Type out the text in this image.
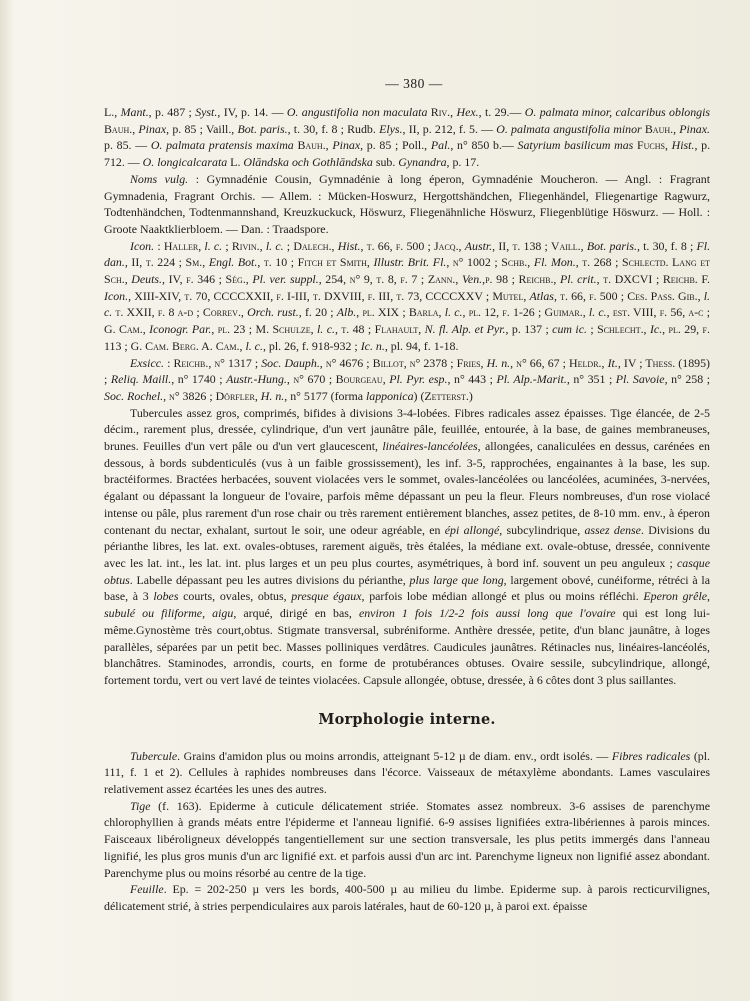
— 380 —

L., Mant., p. 487 ; Syst., IV, p. 14. — O. angustifolia non maculata Riv., Hex., t. 29.— O. palmata minor, calcaribus oblongis Bauh., Pinax, p. 85 ; Vaill., Bot. paris., t. 30, f. 8 ; Rudb. Elys., II, p. 212, f. 5. — O. palmata angustifolia minor Bauh., Pinax. p. 85. — O. palmata pratensis maxima Bauh., Pinax, p. 85 ; Poll., Pal., n° 850 b.— Satyrium basilicum mas Fuchs, Hist., p. 712. — O. longicalcarata L. Olāndska och Gothlāndska sub. Gynandra, p. 17.

Noms vulg. : Gymnadénie Cousin, Gymnadénie à long éperon, Gymnadénie Moucheron. — Angl. : Fragrant Gymnadenia, Fragrant Orchis. — Allem. : Mücken-Hoswurz, Hergottshändchen, Fliegenhändel, Fliegenartige Ragwurz, Todtenhändchen, Todtenmannshand, Kreuzkuckuck, Höswurz, Fliegenähnliche Höswurz, Fliegenblütige Höswurz. — Holl. : Groote Naaktklierbloem. — Dan. : Traadspore.

Icon. : Haller, l. c. ; Rivin., l. c. ; Dalech., Hist., t. 66, f. 500 ; Jacq., Austr., II, t. 138 ; Vaill., Bot. paris., t. 30, f. 8 ; Fl. dan., II, t. 224 ; Sm., Engl. Bot., t. 10 ; Fitch et Smith, Illustr. Brit. Fl., n° 1002 ; Schb., Fl. Mon., t. 268 ; Schlectd. Lang et Sch., Deuts., IV, f. 346 ; Ség., Pl. ver. suppl., 254, n° 9, t. 8, f. 7 ; Zann., Ven.,p. 98 ; Reichb., Pl. crit., t. DXCVI ; Reichb. F. Icon., XIII-XIV, t. 70, CCCCXXII, f. I-III, t. DXVIII, f. III, t. 73, CCCCXXV ; Mutel, Atlas, t. 66, f. 500 ; Ces. Pass. Gib., l. c. t. XXII, f. 8 a-d ; Correv., Orch. rust., f. 20 ; Alb., pl. XIX ; Barla, l. c., pl. 12, f. 1-26 ; Guimar., l. c., est. VIII, f. 56, a-c ; G. Cam., Iconogr. Par., pl. 23 ; M. Schulze, l. c., t. 48 ; Flahault, N. fl. Alp. et Pyr., p. 137 ; cum ic. ; Schlecht., Ic., pl. 29, f. 113 ; G. Cam. Berg. A. Cam., l. c., pl. 26, f. 918-932 ; Ic. n., pl. 94, f. 1-18.

Exsicc. : Reichb., n° 1317 ; Soc. Dauph., n° 4676 ; Billot, n° 2378 ; Fries, H. n., n° 66, 67 ; Heldr., It., IV ; Thess. (1895) ; Reliq. Maill., n° 1740 ; Austr.-Hung., n° 670 ; Bourgeau, Pl. Pyr. esp., n° 443 ; Pl. Alp.-Marit., n° 351 ; Pl. Savoie, n° 258 ; Soc. Rochel., n° 3826 ; Dörfler, H. n., n° 5177 (forma lapponica) (Zetterst.)

Tubercules assez gros, comprimés, bifides à divisions 3-4-lobées. Fibres radicales assez épaisses. Tige élancée, de 2-5 décim., rarement plus, dressée, cylindrique, d'un vert jaunâtre pâle, feuillée, entourée, à la base, de gaines membraneuses, brunes. Feuilles d'un vert pâle ou d'un vert glaucescent, linéaires-lancéolées, allongées, canaliculées en dessus, carénées en dessous, à bords subdenticulés (vus à un faible grossissement), les inf. 3-5, rapprochées, engainantes à la base, les sup. bractéiformes. Bractées herbacées, souvent violacées vers le sommet, ovales-lancéolées ou lancéolées, acuminées, 3-nervées, égalant ou dépassant la longueur de l'ovaire, parfois même dépassant un peu la fleur. Fleurs nombreuses, d'un rose violacé intense ou pâle, plus rarement d'un rose chair ou très rarement entièrement blanches, assez petites, de 8-10 mm. env., à éperon contenant du nectar, exhalant, surtout le soir, une odeur agréable, en épi allongé, subcylindrique, assez dense. Divisions du périanthe libres, les lat. ext. ovales-obtuses, rarement aiguës, très étalées, la médiane ext. ovale-obtuse, dressée, connivente avec les lat. int., les lat. int. plus larges et un peu plus courtes, asymétriques, à bord inf. souvent un peu anguleux ; casque obtus. Labelle dépassant peu les autres divisions du périanthe, plus large que long, largement obové, cunéiforme, rétréci à la base, à 3 lobes courts, ovales, obtus, presque égaux, parfois lobe médian allongé et plus ou moins réfléchi. Eperon grêle, subulé ou filiforme, aigu, arqué, dirigé en bas, environ 1 fois 1/2-2 fois aussi long que l'ovaire qui est long lui-même.Gynostème très court,obtus. Stigmate transversal, subréniforme. Anthère dressée, petite, d'un blanc jaunâtre, à loges parallèles, séparées par un petit bec. Masses polliniques verdâtres. Caudicules jaunâtres. Rétinacles nus, linéaires-lancéolés, blanchâtres. Staminodes, arrondis, courts, en forme de protubérances obtuses. Ovaire sessile, subcylindrique, allongé, fortement tordu, vert ou vert lavé de teintes violacées. Capsule allongée, obtuse, dressée, à 6 côtes dont 3 plus saillantes.

Morphologie interne.

Tubercule. Grains d'amidon plus ou moins arrondis, atteignant 5-12 µ de diam. env., ordt isolés. — Fibres radicales (pl. 111, f. 1 et 2). Cellules à raphides nombreuses dans l'écorce. Vaisseaux de métaxylème abondants. Lames vasculaires relativement assez écartées les unes des autres.

Tige (f. 163). Epiderme à cuticule délicatement striée. Stomates assez nombreux. 3-6 assises de parenchyme chlorophyllien à grands méats entre l'épiderme et l'anneau lignifié. 6-9 assises lignifiées extra-libériennes à parois minces. Faisceaux libéroligneux développés tangentiellement sur une section transversale, les plus petits immergés dans l'anneau lignifié, les plus gros munis d'un arc lignifié ext. et parfois aussi d'un arc int. Parenchyme ligneux non lignifié assez abondant. Parenchyme plus ou moins résorbé au centre de la tige.

Feuille. Ep. = 202-250 µ vers les bords, 400-500 µ au milieu du limbe. Epiderme sup. à parois recticurvilignes, délicatement strié, à stries perpendiculaires aux parois latérales, haut de 60-120 µ, à paroi ext. épaisse
